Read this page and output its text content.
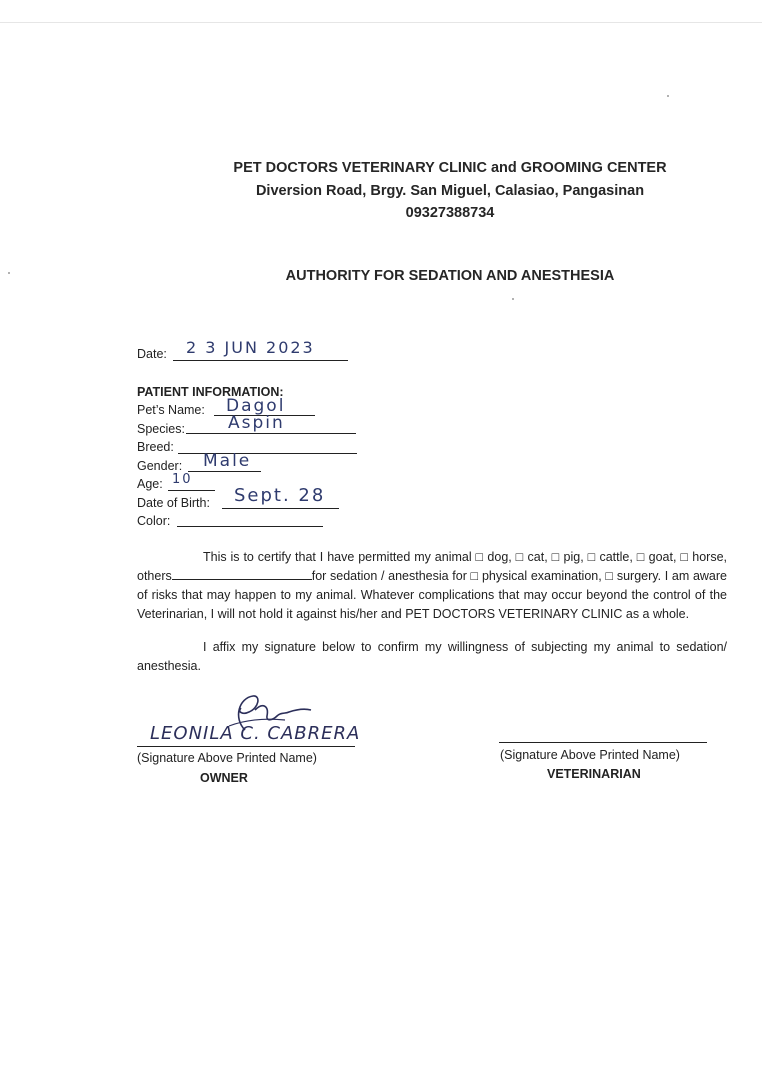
PET DOCTORS VETERINARY CLINIC and GROOMING CENTER
Diversion Road, Brgy. San Miguel, Calasiao, Pangasinan
09327388734
AUTHORITY FOR SEDATION AND ANESTHESIA
Date: 2 3 JUN 2023
PATIENT INFORMATION:
Pet’s Name: Dagol
Species:	Aspin
Breed:
Gender: Male
Age: 10
Date of Birth: Sept. 28
Color:

This is to certify that I have permitted my animal □ dog, □ cat, □ pig, □ cattle, □ goat, □ horse, others	for sedation / anesthesia for □ physical examination, □ surgery. I am aware of risks that may happen to my animal. Whatever complications that may occur beyond the control of the Veterinarian, I will not hold it against his/her and PET DOCTORS VETERINARY CLINIC as a whole.

I affix my signature below to confirm my willingness of subjecting my animal to sedation/ anesthesia.

LEONILA C. CABRERA
(Signature Above Printed Name)
OWNER
(Signature Above Printed Name)
VETERINARIAN
